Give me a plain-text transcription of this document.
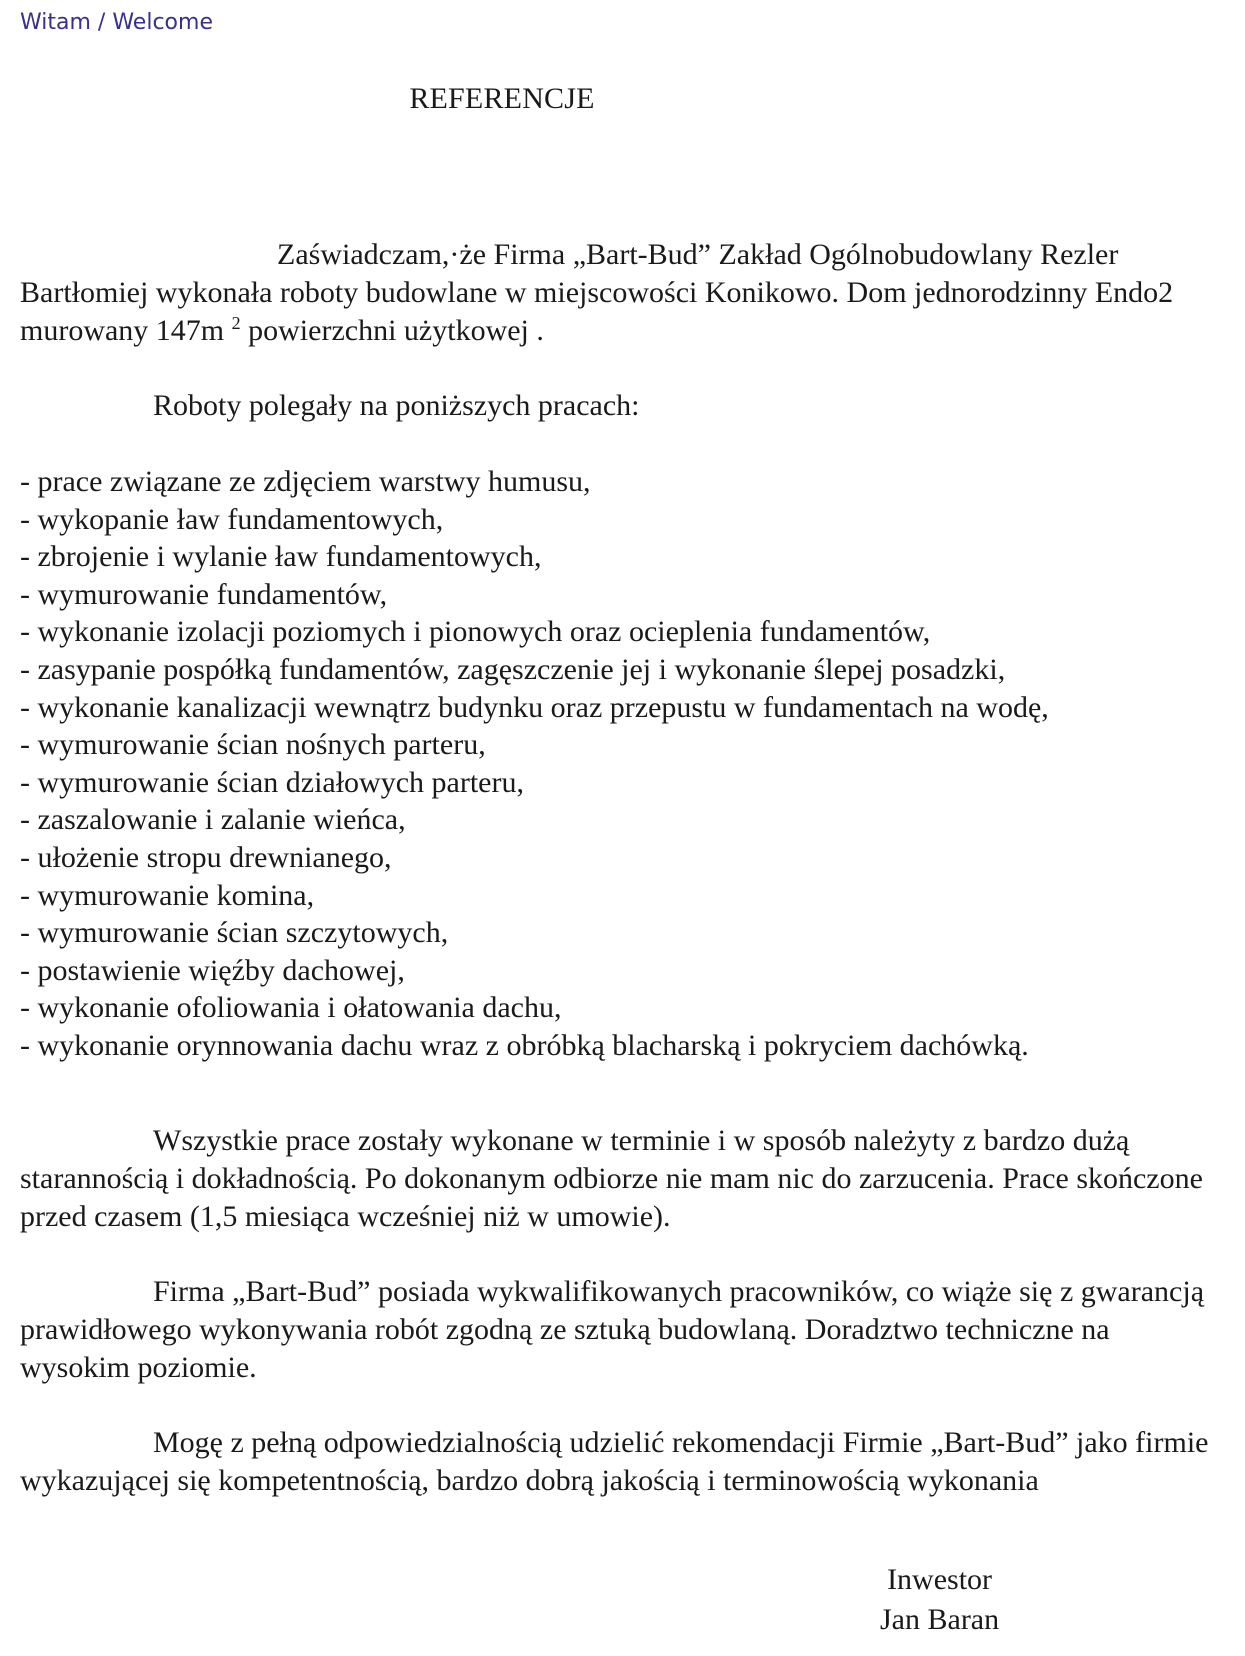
Witam / Welcome
REFERENCJE

Zaświadczam,·że Firma „Bart-Bud” Zakład Ogólnobudowlany Rezler Bartłomiej wykonała roboty budowlane w miejscowości Konikowo. Dom jednorodzinny Endo2 murowany 147m $^2$ powierzchni użytkowej .

Roboty polegały na poniższych pracach:

- prace związane ze zdjęciem warstwy humusu,
- wykopanie ław fundamentowych,
- zbrojenie i wylanie ław fundamentowych,
- wymurowanie fundamentów,
- wykonanie izolacji poziomych i pionowych oraz ocieplenia fundamentów,
- zasypanie pospółką fundamentów, zagęszczenie jej i wykonanie ślepej posadzki,
- wykonanie kanalizacji wewnątrz budynku oraz przepustu w fundamentach na wodę,
- wymurowanie ścian nośnych parteru,
- wymurowanie ścian działowych parteru,
- zaszalowanie i zalanie wieńca,
- ułożenie stropu drewnianego,
- wymurowanie komina,
- wymurowanie ścian szczytowych,
- postawienie więźby dachowej,
- wykonanie ofoliowania i ołatowania dachu,
- wykonanie orynnowania dachu wraz z obróbką blacharską i pokryciem dachówką.

Wszystkie prace zostały wykonane w terminie i w sposób należyty z bardzo dużą starannością i dokładnością. Po dokonanym odbiorze nie mam nic do zarzucenia. Prace skończone przed czasem (1,5 miesiąca wcześniej niż w umowie).

Firma „Bart-Bud” posiada wykwalifikowanych pracowników, co wiąże się z gwarancją prawidłowego wykonywania robót zgodną ze sztuką budowlaną. Doradztwo techniczne na wysokim poziomie.

Mogę z pełną odpowiedzialnością udzielić rekomendacji Firmie „Bart-Bud” jako firmie wykazującej się kompetentnością, bardzo dobrą jakością i terminowością wykonania

Inwestor
Jan Baran
